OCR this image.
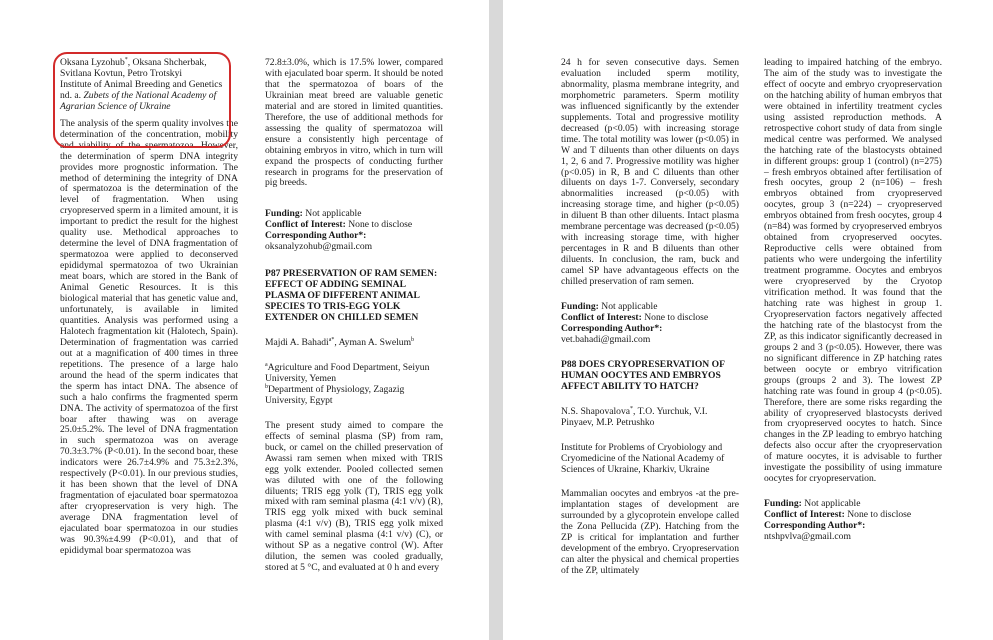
Oksana Lyzohub*, Oksana Shcherbak,

Svitlana Kovtun, Petro Trotskyi

Institute of Animal Breeding and Genetics

nd. a. Zubets of the National Academy of

Agrarian Science of Ukraine

The analysis of the sperm quality involves the determination of the concentration, mobility and viability of the spermatozoa. However, the determination of sperm DNA integrity provides more prognostic information. The method of determining the integrity of DNA of spermatozoa is the determination of the level of fragmentation. When using cryopreserved sperm in a limited amount, it is important to predict the result for the highest quality use. Methodical approaches to determine the level of DNA fragmentation of spermatozoa were applied to deconserved epididymal spermatozoa of two Ukrainian meat boars, which are stored in the Bank of Animal Genetic Resources. It is this biological material that has genetic value and, unfortunately, is available in limited quantities. Analysis was performed using a Halotech fragmentation kit (Halotech, Spain). Determination of fragmentation was carried out at a magnification of 400 times in three repetitions. The presence of a large halo around the head of the sperm indicates that the sperm has intact DNA. The absence of such a halo confirms the fragmented sperm DNA. The activity of spermatozoa of the first boar after thawing was on average 25.0±5.2%. The level of DNA fragmentation in such spermatozoa was on average 70.3±3.7% (P<0.01). In the second boar, these indicators were 26.7±4.9% and 75.3±2.3%, respectively (P<0.01). In our previous studies, it has been shown that the level of DNA fragmentation of ejaculated boar spermatozoa after cryopreservation is very high. The average DNA fragmentation level of ejaculated boar spermatozoa in our studies was 90.3%±4.99 (P<0.01), and that of epididymal boar spermatozoa was

72.8±3.0%, which is 17.5% lower, compared with ejaculated boar sperm. It should be noted that the spermatozoa of boars of the Ukrainian meat breed are valuable genetic material and are stored in limited quantities. Therefore, the use of additional methods for assessing the quality of spermatozoa will ensure a consistently high percentage of obtaining embryos in vitro, which in turn will expand the prospects of conducting further research in programs for the preservation of pig breeds.

Funding: Not applicable

Conflict of Interest: None to disclose

Corresponding Author*:

oksanalyzohub@gmail.com

P87 PRESERVATION OF RAM SEMEN: EFFECT OF ADDING SEMINAL PLASMA OF DIFFERENT ANIMAL SPECIES TO TRIS-EGG YOLK EXTENDER ON CHILLED SEMEN

Majdi A. Bahadi$^{a*}$, Ayman A. Swelum$^b$

$^a$Agriculture and Food Department, Seiyun University, Yemen

$^b$Department of Physiology, Zagazig University, Egypt

The present study aimed to compare the effects of seminal plasma (SP) from ram, buck, or camel on the chilled preservation of Awassi ram semen when mixed with TRIS egg yolk extender. Pooled collected semen was diluted with one of the following diluents; TRIS egg yolk (T), TRIS egg yolk mixed with ram seminal plasma (4:1 v/v) (R), TRIS egg yolk mixed with buck seminal plasma (4:1 v/v) (B), TRIS egg yolk mixed with camel seminal plasma (4:1 v/v) (C), or without SP as a negative control (W). After dilution, the semen was cooled gradually, stored at 5 °C, and evaluated at 0 h and every

24 h for seven consecutive days. Semen evaluation included sperm motility, abnormality, plasma membrane integrity, and morphometric parameters. Sperm motility was influenced significantly by the extender supplements. Total and progressive motility decreased (p<0.05) with increasing storage time. The total motility was lower (p<0.05) in W and T diluents than other diluents on days 1, 2, 6 and 7. Progressive motility was higher (p<0.05) in R, B and C diluents than other diluents on days 1-7. Conversely, secondary abnormalities increased (p<0.05) with increasing storage time, and higher (p<0.05) in diluent B than other diluents. Intact plasma membrane percentage was decreased (p<0.05) with increasing storage time, with higher percentages in R and B diluents than other diluents. In conclusion, the ram, buck and camel SP have advantageous effects on the chilled preservation of ram semen.

Funding: Not applicable

Conflict of Interest: None to disclose

Corresponding Author*:

vet.bahadi@gmail.com

P88 DOES CRYOPRESERVATION OF HUMAN OOCYTES AND EMBRYOS AFFECT ABILITY TO HATCH?

N.S. Shapovalova*, T.O. Yurchuk, V.I. Pinyaev, M.P. Petrushko

Institute for Problems of Cryobiology and Cryomedicine of the National Academy of Sciences of Ukraine, Kharkiv, Ukraine

Mammalian oocytes and embryos -at the pre-implantation stages of development are surrounded by a glycoprotein envelope called the Zona Pellucida (ZP). Hatching from the ZP is critical for implantation and further development of the embryo. Cryopreservation can alter the physical and chemical properties of the ZP, ultimately

leading to impaired hatching of the embryo. The aim of the study was to investigate the effect of oocyte and embryo cryopreservation on the hatching ability of human embryos that were obtained in infertility treatment cycles using assisted reproduction methods. A retrospective cohort study of data from single medical centre was performed. We analysed the hatching rate of the blastocysts obtained in different groups: group 1 (control) (n=275) – fresh embryos obtained after fertilisation of fresh oocytes, group 2 (n=106) – fresh embryos obtained from cryopreserved oocytes, group 3 (n=224) – cryopreserved embryos obtained from fresh oocytes, group 4 (n=84) was formed by cryopreserved embryos obtained from cryopreserved oocytes. Reproductive cells were obtained from patients who were undergoing the infertility treatment programme. Oocytes and embryos were cryopreserved by the Cryotop vitrification method. It was found that the hatching rate was highest in group 1. Cryopreservation factors negatively affected the hatching rate of the blastocyst from the ZP, as this indicator significantly decreased in groups 2 and 3 (p<0.05). However, there was no significant difference in ZP hatching rates between oocyte or embryo vitrification groups (groups 2 and 3). The lowest ZP hatching rate was found in group 4 (p<0.05). Therefore, there are some risks regarding the ability of cryopreserved blastocysts derived from cryopreserved oocytes to hatch. Since changes in the ZP leading to embryo hatching defects also occur after the cryopreservation of mature oocytes, it is advisable to further investigate the possibility of using immature oocytes for cryopreservation.

Funding: Not applicable

Conflict of Interest: None to disclose

Corresponding Author*:

ntshpvlva@gmail.com
